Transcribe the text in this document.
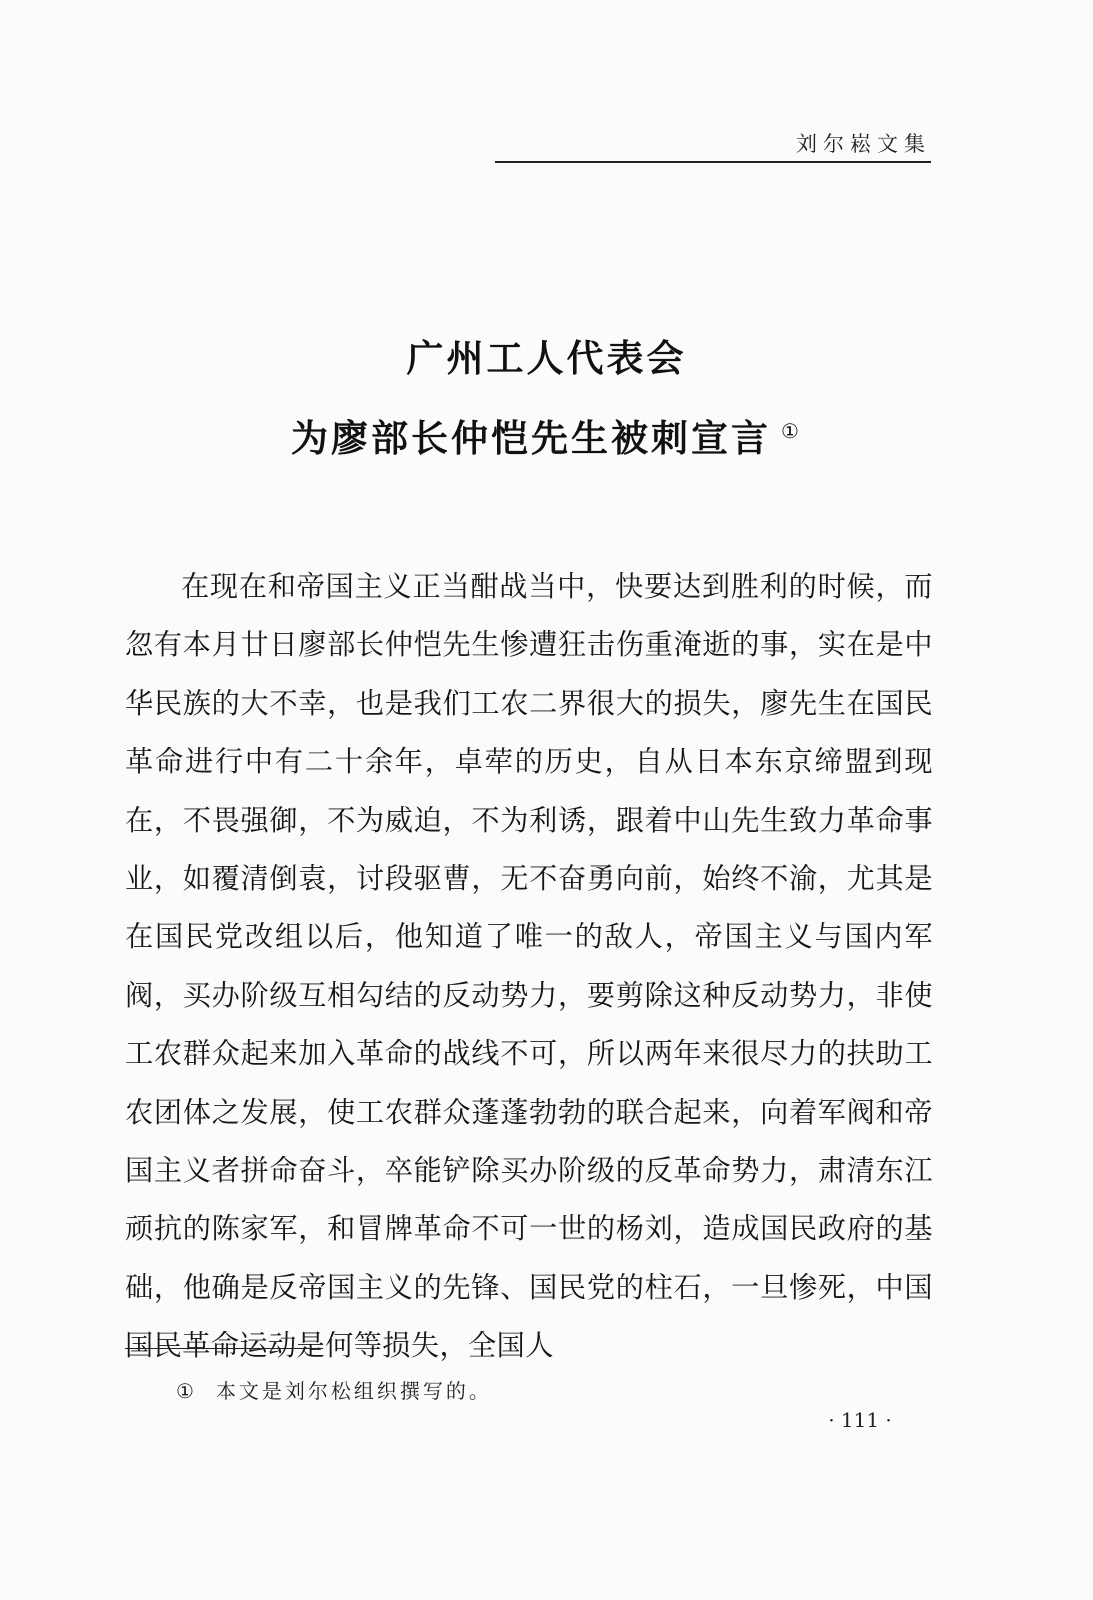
刘尔崧文集
广州工人代表会
为廖部长仲恺先生被刺宣言 ①

在现在和帝国主义正当酣战当中，快要达到胜利的时候，而忽有本月廿日廖部长仲恺先生惨遭狂击伤重淹逝的事，实在是中华民族的大不幸，也是我们工农二界很大的损失，廖先生在国民革命进行中有二十余年，卓荦的历史，自从日本东京缔盟到现在，不畏强御，不为威迫，不为利诱，跟着中山先生致力革命事业，如覆清倒袁，讨段驱曹，无不奋勇向前，始终不渝，尤其是在国民党改组以后，他知道了唯一的敌人，帝国主义与国内军阀，买办阶级互相勾结的反动势力，要剪除这种反动势力，非使工农群众起来加入革命的战线不可，所以两年来很尽力的扶助工农团体之发展，使工农群众蓬蓬勃勃的联合起来，向着军阀和帝国主义者拼命奋斗，卒能铲除买办阶级的反革命势力，肃清东江顽抗的陈家军，和冒牌革命不可一世的杨刘，造成国民政府的基础，他确是反帝国主义的先锋、国民党的柱石，一旦惨死，中国国民革命运动是何等损失，全国人

① 本文是刘尔松组织撰写的。
· 111 ·
